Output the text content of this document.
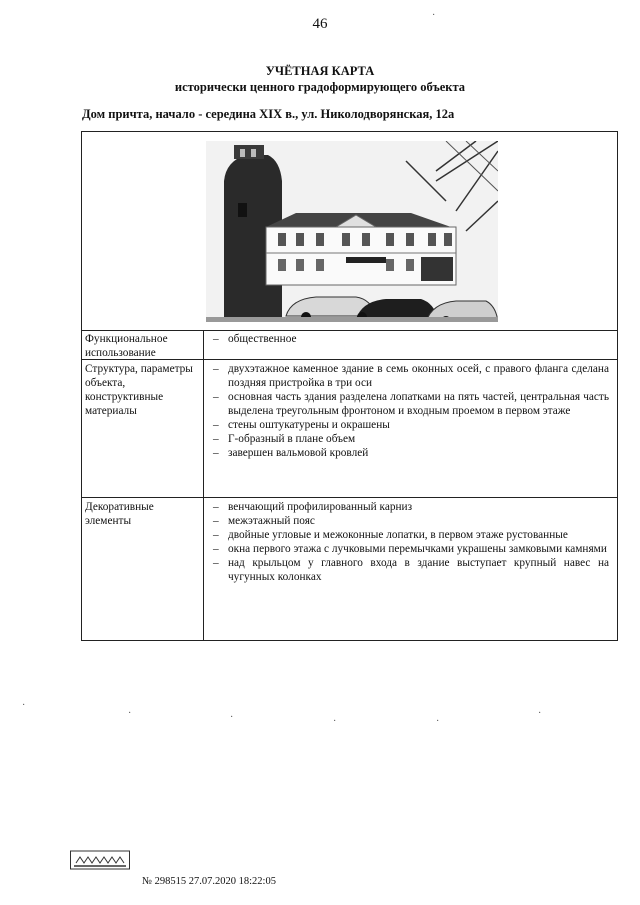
46
УЧЁТНАЯ КАРТА
исторически ценного градоформирующего объекта
Дом причта, начало - середина XIX в., ул. Николодворянская, 12а
Функциональное использование
– общественное
Структура, параметры объекта, конструктивные материалы
– двухэтажное каменное здание в семь оконных осей, с правого фланга сделана поздняя пристройка в три оси
– основная часть здания разделена лопатками на пять частей, центральная часть выделена треугольным фронтоном и входным проемом в первом этаже
– стены оштукатурены и окрашены
– Г-образный в плане объем
– завершен вальмовой кровлей
Декоративные элементы
– венчающий профилированный карниз
– межэтажный пояс
– двойные угловые и межоконные лопатки, в первом этаже рустованные
– окна первого этажа с лучковыми перемычками украшены замковыми камнями
– над крыльцом у главного входа в здание выступает крупный навес на чугунных колонках
·
·	·	·	·
·
·
№ 298515 27.07.2020 18:22:05
